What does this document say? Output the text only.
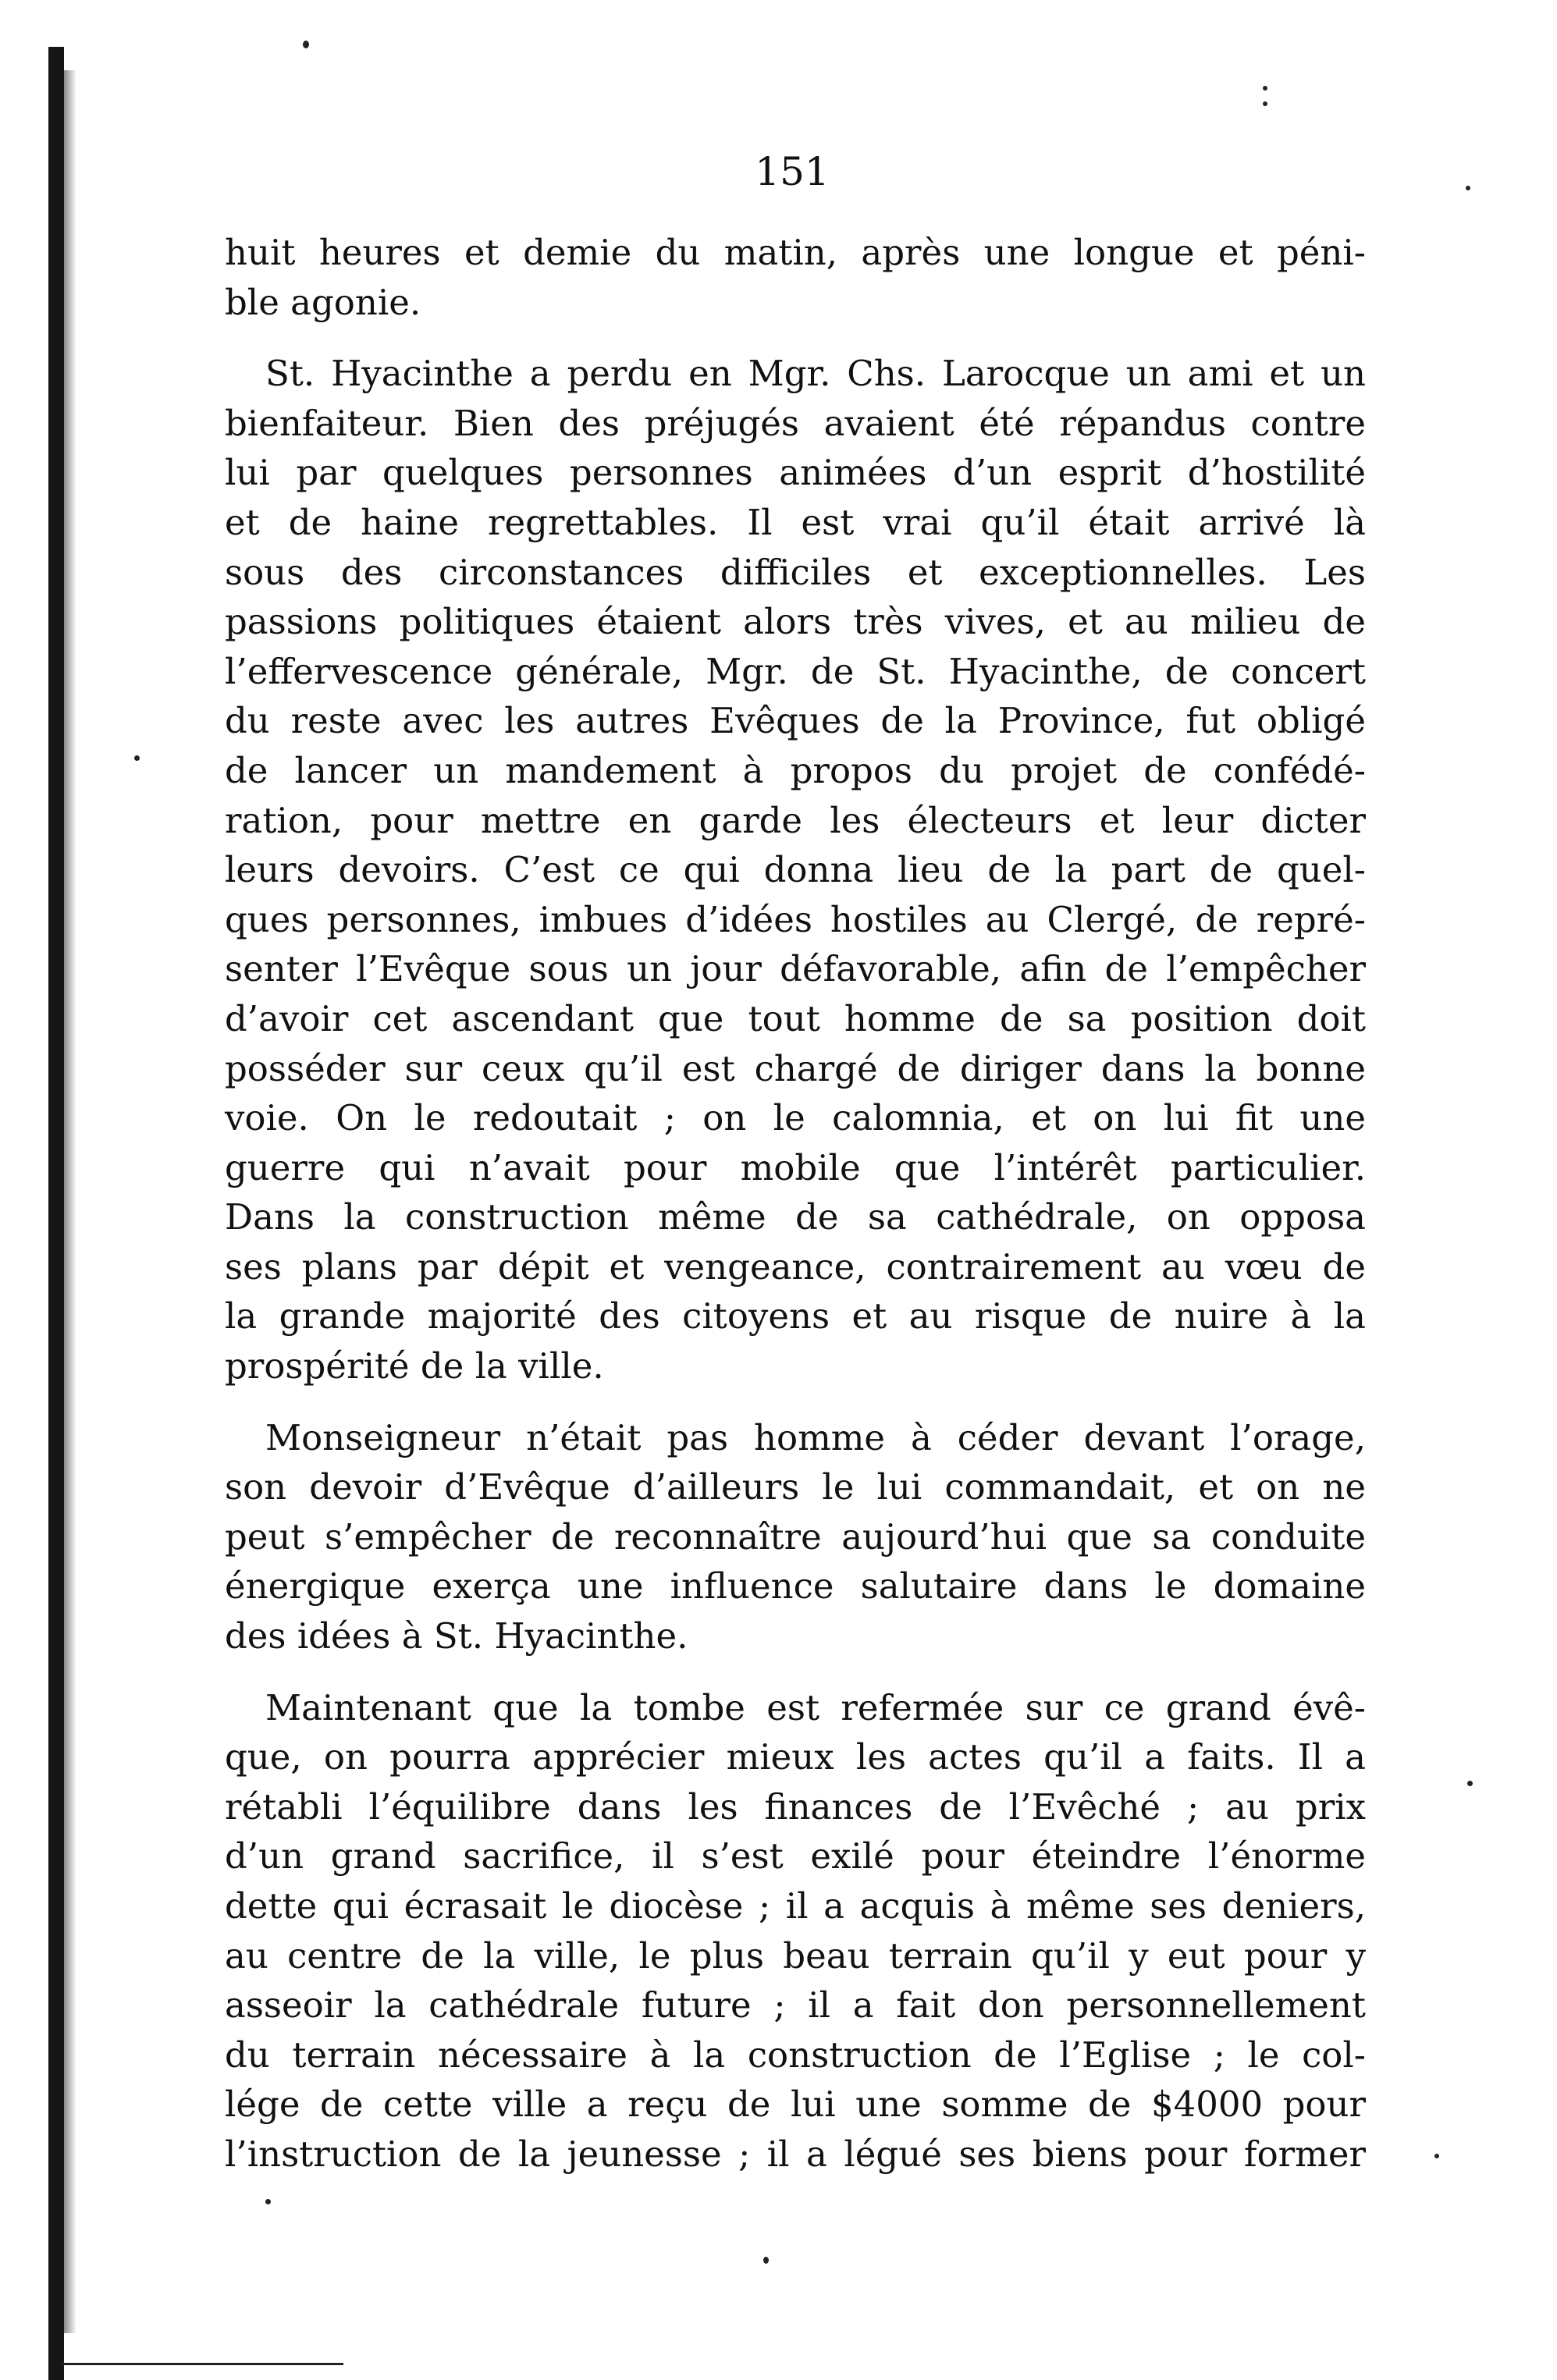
151
huit heures et demie du matin, après une longue et péni-
ble agonie.
St. Hyacinthe a perdu en Mgr. Chs. Larocque un ami et un
bienfaiteur. Bien des préjugés avaient été répandus contre
lui par quelques personnes animées d’un esprit d’hostilité
et de haine regrettables. Il est vrai qu’il était arrivé là
sous des circonstances difficiles et exceptionnelles. Les
passions politiques étaient alors très vives, et au milieu de
l’effervescence générale, Mgr. de St. Hyacinthe, de concert
du reste avec les autres Evêques de la Province, fut obligé
de lancer un mandement à propos du projet de confédé-
ration, pour mettre en garde les électeurs et leur dicter
leurs devoirs. C’est ce qui donna lieu de la part de quel-
ques personnes, imbues d’idées hostiles au Clergé, de repré-
senter l’Evêque sous un jour défavorable, afin de l’empêcher
d’avoir cet ascendant que tout homme de sa position doit
posséder sur ceux qu’il est chargé de diriger dans la bonne
voie. On le redoutait ; on le calomnia, et on lui fit une
guerre qui n’avait pour mobile que l’intérêt particulier.
Dans la construction même de sa cathédrale, on opposa
ses plans par dépit et vengeance, contrairement au vœu de
la grande majorité des citoyens et au risque de nuire à la
prospérité de la ville.
Monseigneur n’était pas homme à céder devant l’orage,
son devoir d’Evêque d’ailleurs le lui commandait, et on ne
peut s’empêcher de reconnaître aujourd’hui que sa conduite
énergique exerça une influence salutaire dans le domaine
des idées à St. Hyacinthe.
Maintenant que la tombe est refermée sur ce grand évê-
que, on pourra apprécier mieux les actes qu’il a faits. Il a
rétabli l’équilibre dans les finances de l’Evêché ; au prix
d’un grand sacrifice, il s’est exilé pour éteindre l’énorme
dette qui écrasait le diocèse ; il a acquis à même ses deniers,
au centre de la ville, le plus beau terrain qu’il y eut pour y
asseoir la cathédrale future ; il a fait don personnellement
du terrain nécessaire à la construction de l’Eglise ; le col-
lége de cette ville a reçu de lui une somme de $4000 pour
l’instruction de la jeunesse ; il a légué ses biens pour former
